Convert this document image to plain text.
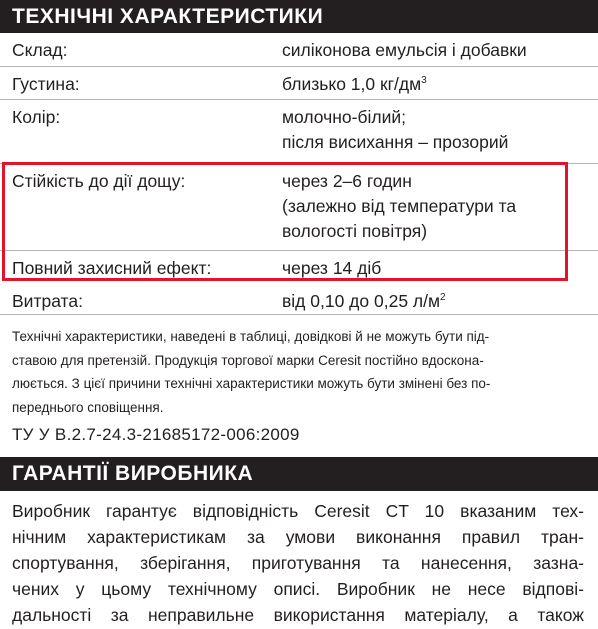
ТЕХНІЧНІ ХАРАКТЕРИСТИКИ
Склад:	силіконова емульсія і добавки
Густина:	близько 1,0 $кг/дм^3$
Колір:	молочно-білий;
після висихання – прозорий
Стійкість до дії дощу:	через 2–6 годин
(залежно від температури та
вологості повітря)
Повний захисний ефект:	через 14 діб
Витрата:	від 0,10 до 0,25 $л/м^2$
Технічні характеристики, наведені в таблиці, довідкові й не можуть бути під-
ставою для претензій. Продукція торгової марки Ceresit постійно вдоскона-
люється. З цієї причини технічні характеристики можуть бути змінені без по-
переднього сповіщення.
ТУ У В.2.7-24.3-21685172-006:2009
ГАРАНТІЇ ВИРОБНИКА
Виробник гарантує відповідність Ceresit CT 10 вказаним тех-
нічним характеристикам за умови виконання правил тран-
спортування, зберігання, приготування та нанесення, зазна-
чених у цьому технічному описі. Виробник не несе відпові-
дальності за неправильне використання матеріалу, а також
